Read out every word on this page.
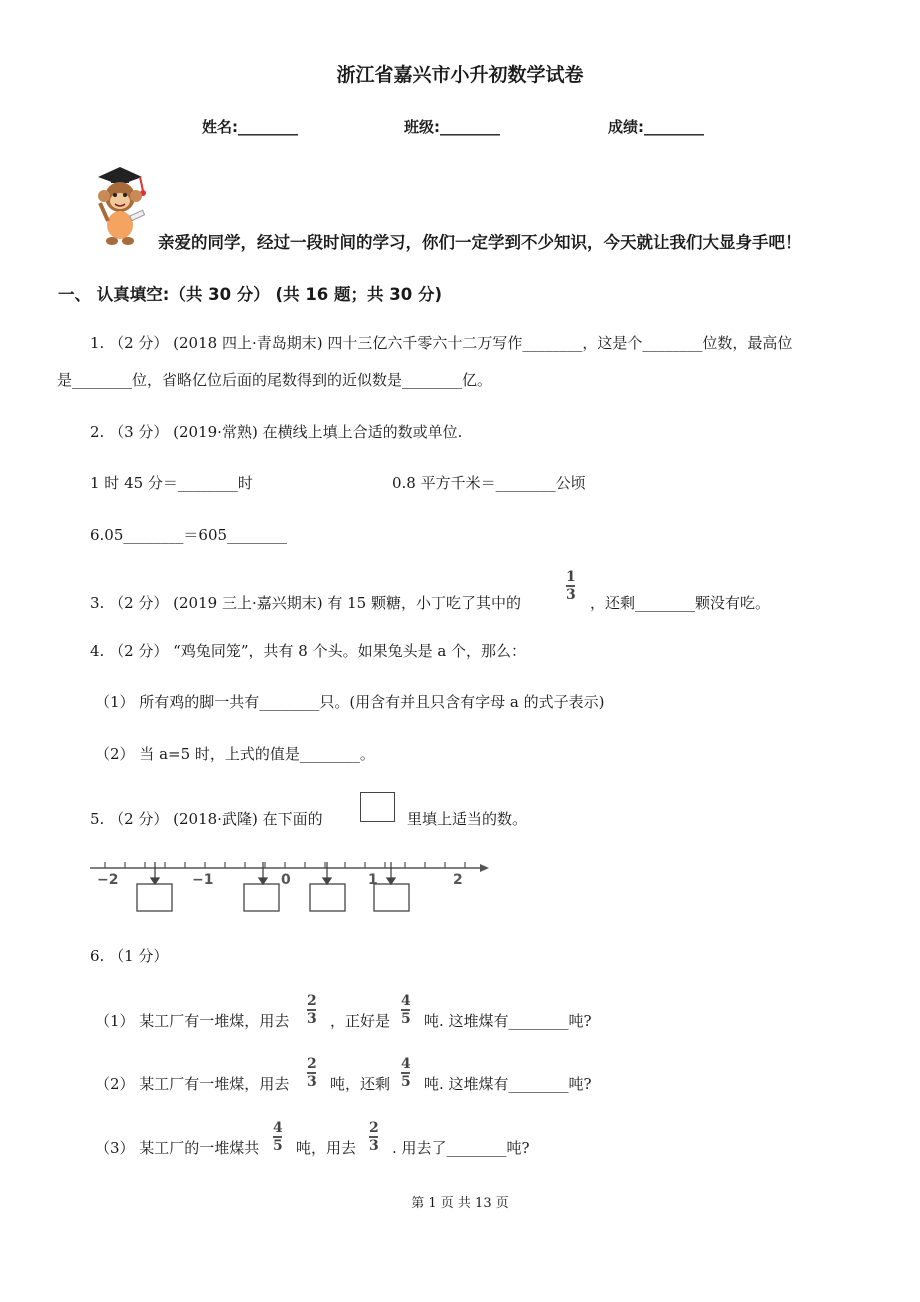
浙江省嘉兴市小升初数学试卷
姓名:________	班级:________	成绩:________
亲爱的同学，经过一段时间的学习，你们一定学到不少知识，今天就让我们大显身手吧！
一、 认真填空:（共 30 分） (共 16 题；共 30 分)
1. （2 分） (2018 四上·青岛期末) 四十三亿六千零六十二万写作________，这是个________位数，最高位
是________位，省略亿位后面的尾数得到的近似数是________亿。
2. （3 分） (2019·常熟) 在横线上填上合适的数或单位.
1 时 45 分＝________时	0.8 平方千米＝________公顷
6.05________＝605________
3. （2 分） (2019 三上·嘉兴期末) 有 15 颗糖，小丁吃了其中的
1
3 ，还剩________颗没有吃。
4. （2 分） “鸡兔同笼”，共有 8 个头。如果兔头是 a 个，那么：
（1） 所有鸡的脚一共有________只。(用含有并且只含有字母 a 的式子表示)
（2） 当 a=5 时，上式的值是________。
5. （2 分） (2018·武隆) 在下面的	里填上适当的数。
−2	−1	0	1	2
6. （1 分）
（1） 某工厂有一堆煤，用去
2
3 ，正好是
4
5 吨. 这堆煤有________吨?
（2） 某工厂有一堆煤，用去
2
3 吨，还剩
4
5 吨. 这堆煤有________吨?
（3） 某工厂的一堆煤共
4
5 吨，用去
2
3 . 用去了________吨?
第 1 页 共 13 页
